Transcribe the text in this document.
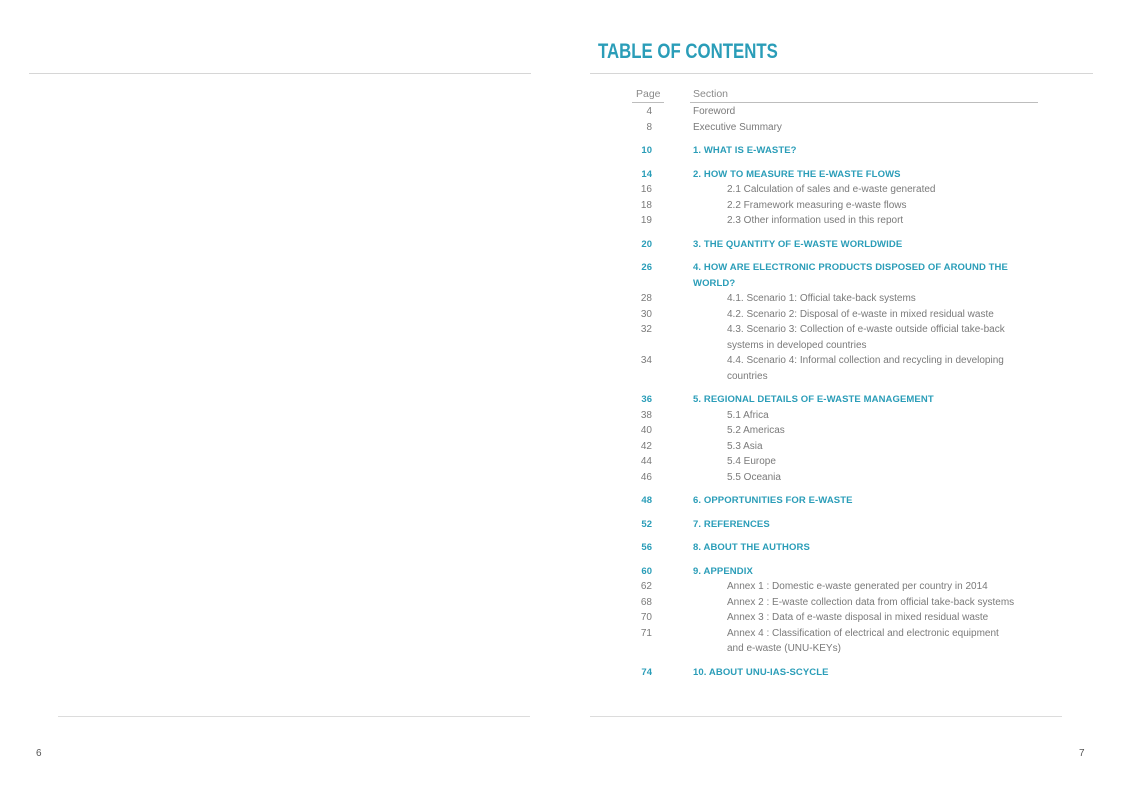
TABLE OF CONTENTS
Page	Section
4	Foreword
8	Executive Summary
10	1. WHAT IS E-WASTE?
14	2. HOW TO MEASURE THE E-WASTE FLOWS
16	2.1 Calculation of sales and e-waste generated
18	2.2 Framework measuring e-waste flows
19	2.3 Other information used in this report
20	3. THE QUANTITY OF E-WASTE WORLDWIDE
26	4. HOW ARE ELECTRONIC PRODUCTS DISPOSED OF AROUND THE WORLD?
28	4.1. Scenario 1: Official take-back systems
30	4.2. Scenario 2: Disposal of e-waste in mixed residual waste
32	4.3. Scenario 3: Collection of e-waste outside official take-back systems in developed countries
34	4.4. Scenario 4: Informal collection and recycling in developing countries
36	5. REGIONAL DETAILS OF E-WASTE MANAGEMENT
38	5.1 Africa
40	5.2 Americas
42	5.3 Asia
44	5.4 Europe
46	5.5 Oceania
48	6. OPPORTUNITIES FOR E-WASTE
52	7. REFERENCES
56	8. ABOUT THE AUTHORS
60	9. APPENDIX
62	Annex 1 : Domestic e-waste generated per country in 2014
68	Annex 2 : E-waste collection data from official take-back systems
70	Annex 3 : Data of e-waste disposal in mixed residual waste
71	Annex 4 : Classification of electrical and electronic equipment and e-waste (UNU-KEYs)
74	10. ABOUT UNU-IAS-SCYCLE
6	7
